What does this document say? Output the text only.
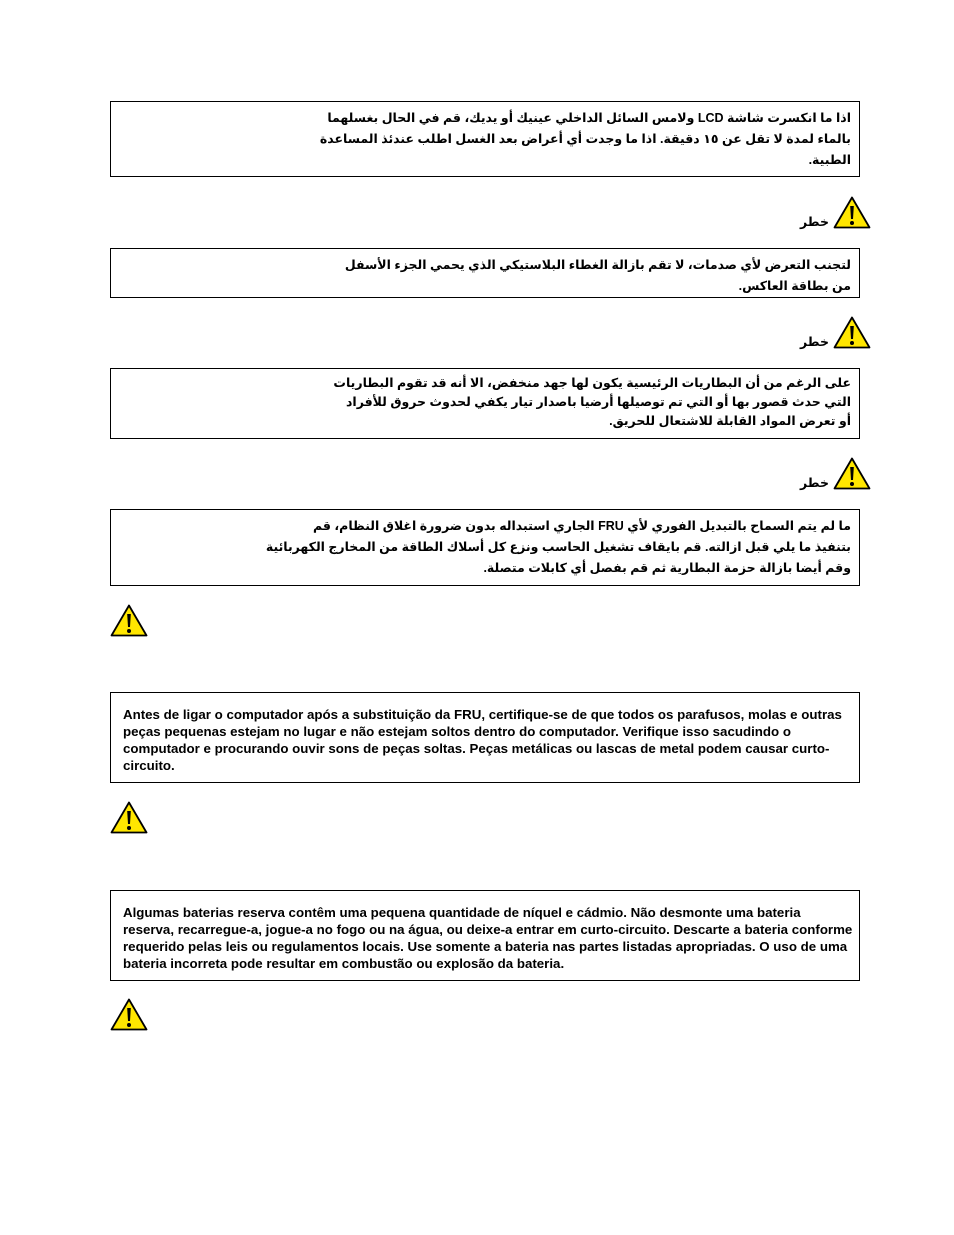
اذا ما انكسرت شاشة LCD ولامس السائل الداخلي عينيك أو يديك، قم في الحال بغسلهما
بالماء لمدة لا تقل عن ١٥ دقيقة. اذا ما وجدت أي أعراض بعد الغسل اطلب عندئذ المساعدة
الطبية.
خطر
لتجنب التعرض لأي صدمات، لا تقم بازالة الغطاء البلاستيكي الذي يحمي الجزء الأسفل
من بطاقة العاكس.
خطر
على الرغم من أن البطاريات الرئيسية يكون لها جهد منخفض، الا أنه قد تقوم البطاريات
التي حدث قصور بها أو التي تم توصيلها أرضيا باصدار تيار يكفي لحدوث حروق للأفراد
أو تعرض المواد القابلة للاشتعال للحريق.
خطر
ما لم يتم السماح بالتبديل الفوري لأي FRU الجاري استبداله بدون ضرورة اغلاق النظام، قم
بتنفيذ ما يلي قبل ازالته. قم بايقاف تشغيل الحاسب ونزع كل أسلاك الطاقة من المخارج الكهربائية
وقم أيضا بازالة حزمة البطارية ثم قم بفصل أي كابلات متصلة.
Antes de ligar o computador após a substituição da FRU, certifique-se de que todos os parafusos, molas e outras peças pequenas estejam no lugar e não estejam soltos dentro do computador. Verifique isso sacudindo o computador e procurando ouvir sons de peças soltas. Peças metálicas ou lascas de metal podem causar curto-circuito.
Algumas baterias reserva contêm uma pequena quantidade de níquel e cádmio. Não desmonte uma bateria reserva, recarregue-a, jogue-a no fogo ou na água, ou deixe-a entrar em curto-circuito. Descarte a bateria conforme requerido pelas leis ou regulamentos locais. Use somente a bateria nas partes listadas apropriadas. O uso de uma bateria incorreta pode resultar em combustão ou explosão da bateria.
